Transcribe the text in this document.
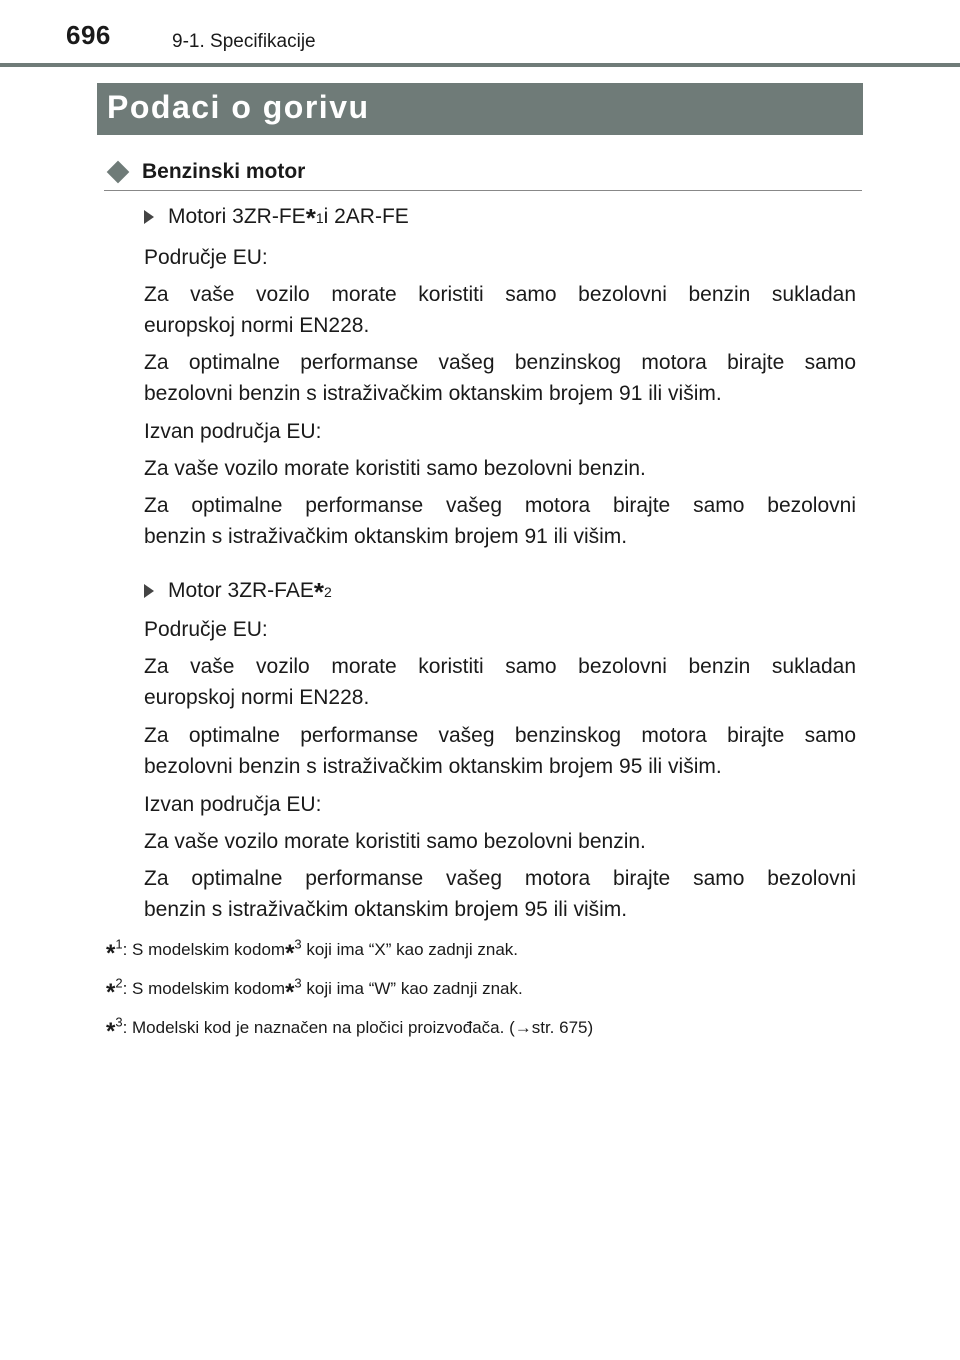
696	9-1. Specifikacije
Podaci o gorivu
Benzinski motor
Motori 3ZR-FE * 1 i 2AR-FE
Područje EU:
Za vaše vozilo morate koristiti samo bezolovni benzin sukladan
europskoj normi EN228.
Za optimalne performanse vašeg benzinskog motora birajte samo
bezolovni benzin s istraživačkim oktanskim brojem 91 ili višim.
Izvan područja EU:
Za vaše vozilo morate koristiti samo bezolovni benzin.
Za optimalne performanse vašeg motora birajte samo bezolovni
benzin s istraživačkim oktanskim brojem 91 ili višim.
Motor 3ZR-FAE * 2
Područje EU:
Za vaše vozilo morate koristiti samo bezolovni benzin sukladan
europskoj normi EN228.
Za optimalne performanse vašeg benzinskog motora birajte samo
bezolovni benzin s istraživačkim oktanskim brojem 95 ili višim.
Izvan područja EU:
Za vaše vozilo morate koristiti samo bezolovni benzin.
Za optimalne performanse vašeg motora birajte samo bezolovni
benzin s istraživačkim oktanskim brojem 95 ili višim.
*$^1$: S modelskim kodom*$^3$ koji ima “X” kao zadnji znak.
*$^2$: S modelskim kodom*$^3$ koji ima “W” kao zadnji znak.
*$^3$: Modelski kod je naznačen na pločici proizvođača. (→str. 675)
